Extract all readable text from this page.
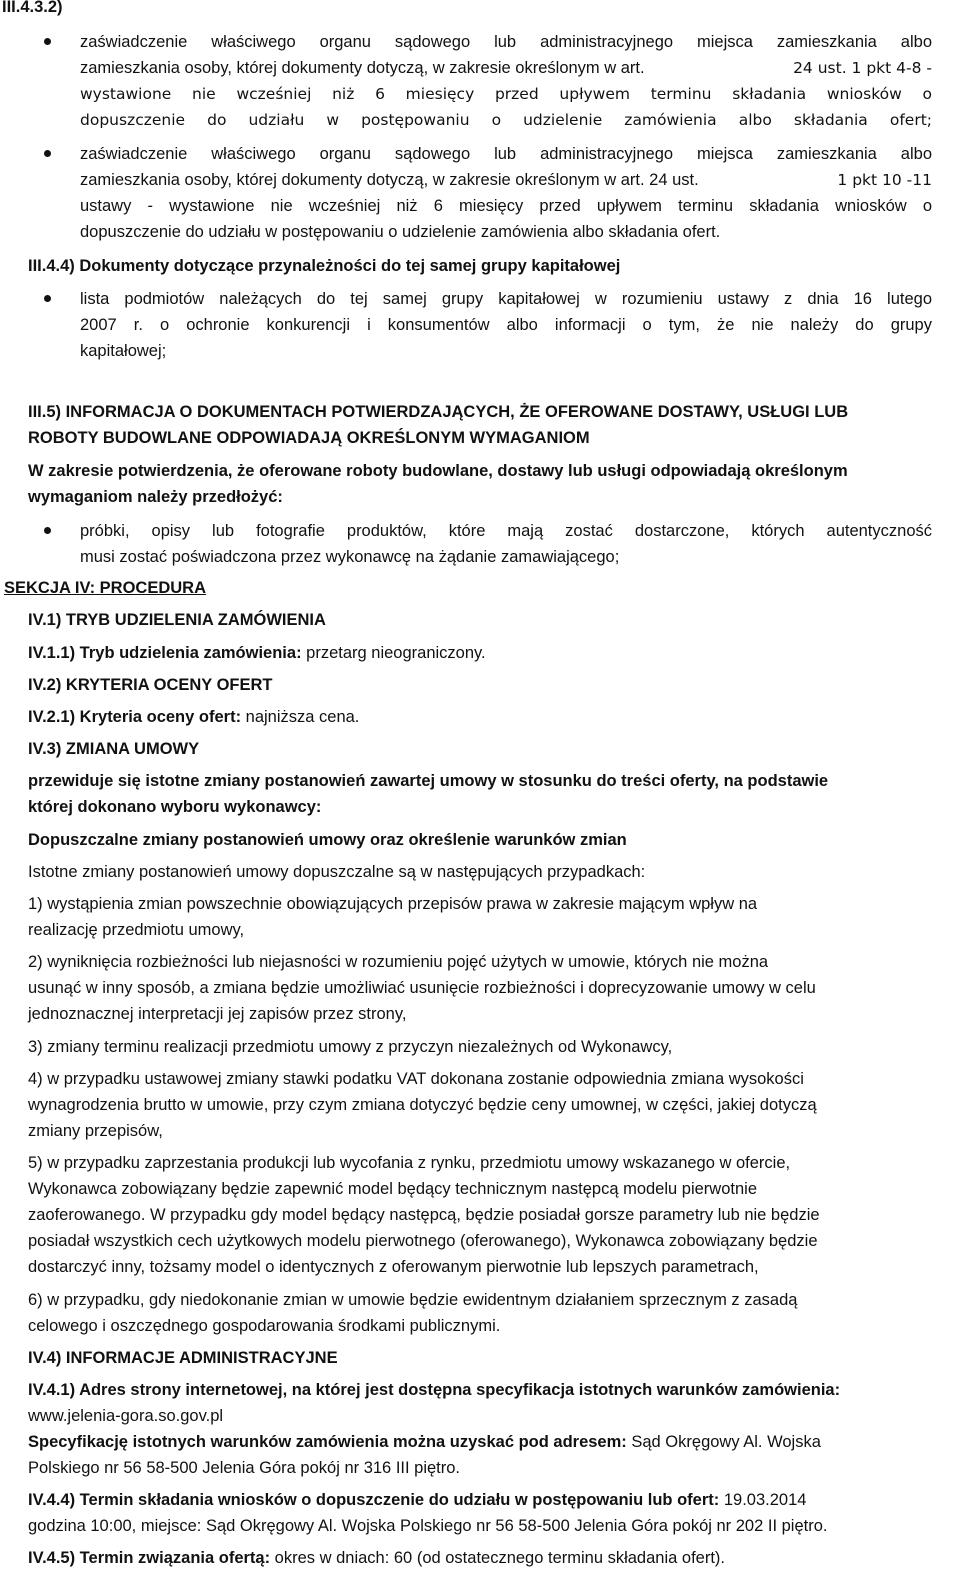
III.4.3.2)
zaświadczenie właściwego organu sądowego lub administracyjnego miejsca zamieszkania albo
zamieszkania osoby, której dokumenty dotyczą, w zakresie określonym w art.	24 ust. 1 pkt 4-8 -
wystawione nie wcześniej niż 6 miesięcy przed upływem terminu składania wniosków o
dopuszczenie do udziału w postępowaniu o udzielenie zamówienia albo składania ofert;
zaświadczenie właściwego organu sądowego lub administracyjnego miejsca zamieszkania albo
zamieszkania osoby, której dokumenty dotyczą, w zakresie określonym w art. 24 ust.	1 pkt 10 -11
ustawy - wystawione nie wcześniej niż 6 miesięcy przed upływem terminu składania wniosków o
dopuszczenie do udziału w postępowaniu o udzielenie zamówienia albo składania ofert.
III.4.4) Dokumenty dotyczące przynależności do tej samej grupy kapitałowej
lista podmiotów należących do tej samej grupy kapitałowej w rozumieniu ustawy z dnia 16 lutego
2007 r. o ochronie konkurencji i konsumentów albo informacji o tym, że nie należy do grupy
kapitałowej;
III.5) INFORMACJA O DOKUMENTACH POTWIERDZAJĄCYCH, ŻE OFEROWANE DOSTAWY, USŁUGI LUB
ROBOTY BUDOWLANE ODPOWIADAJĄ OKREŚLONYM WYMAGANIOM
W zakresie potwierdzenia, że oferowane roboty budowlane, dostawy lub usługi odpowiadają określonym
wymaganiom należy przedłożyć:
próbki, opisy lub fotografie produktów, które mają zostać dostarczone, których autentyczność
musi zostać poświadczona przez wykonawcę na żądanie zamawiającego;
SEKCJA IV: PROCEDURA
IV.1) TRYB UDZIELENIA ZAMÓWIENIA
IV.1.1) Tryb udzielenia zamówienia: przetarg nieograniczony.
IV.2) KRYTERIA OCENY OFERT
IV.2.1) Kryteria oceny ofert: najniższa cena.
IV.3) ZMIANA UMOWY
przewiduje się istotne zmiany postanowień zawartej umowy w stosunku do treści oferty, na podstawie
której dokonano wyboru wykonawcy:
Dopuszczalne zmiany postanowień umowy oraz określenie warunków zmian
Istotne zmiany postanowień umowy dopuszczalne są w następujących przypadkach:
1) wystąpienia zmian powszechnie obowiązujących przepisów prawa w zakresie mającym wpływ na
realizację przedmiotu umowy,
2) wyniknięcia rozbieżności lub niejasności w rozumieniu pojęć użytych w umowie, których nie można
usunąć w inny sposób, a zmiana będzie umożliwiać usunięcie rozbieżności i doprecyzowanie umowy w celu
jednoznacznej interpretacji jej zapisów przez strony,
3) zmiany terminu realizacji przedmiotu umowy z przyczyn niezależnych od Wykonawcy,
4) w przypadku ustawowej zmiany stawki podatku VAT dokonana zostanie odpowiednia zmiana wysokości
wynagrodzenia brutto w umowie, przy czym zmiana dotyczyć będzie ceny umownej, w części, jakiej dotyczą
zmiany przepisów,
5) w przypadku zaprzestania produkcji lub wycofania z rynku, przedmiotu umowy wskazanego w ofercie,
Wykonawca zobowiązany będzie zapewnić model będący technicznym następcą modelu pierwotnie
zaoferowanego. W przypadku gdy model będący następcą, będzie posiadał gorsze parametry lub nie będzie
posiadał wszystkich cech użytkowych modelu pierwotnego (oferowanego), Wykonawca zobowiązany będzie
dostarczyć inny, tożsamy model o identycznych z oferowanym pierwotnie lub lepszych parametrach,
6) w przypadku, gdy niedokonanie zmian w umowie będzie ewidentnym działaniem sprzecznym z zasadą
celowego i oszczędnego gospodarowania środkami publicznymi.
IV.4) INFORMACJE ADMINISTRACYJNE
IV.4.1) Adres strony internetowej, na której jest dostępna specyfikacja istotnych warunków zamówienia:
www.jelenia-gora.so.gov.pl
Specyfikację istotnych warunków zamówienia można uzyskać pod adresem: Sąd Okręgowy Al. Wojska
Polskiego nr 56 58-500 Jelenia Góra pokój nr 316 III piętro.
IV.4.4) Termin składania wniosków o dopuszczenie do udziału w postępowaniu lub ofert: 19.03.2014
godzina 10:00, miejsce: Sąd Okręgowy Al. Wojska Polskiego nr 56 58-500 Jelenia Góra pokój nr 202 II piętro.
IV.4.5) Termin związania ofertą: okres w dniach: 60 (od ostatecznego terminu składania ofert).
